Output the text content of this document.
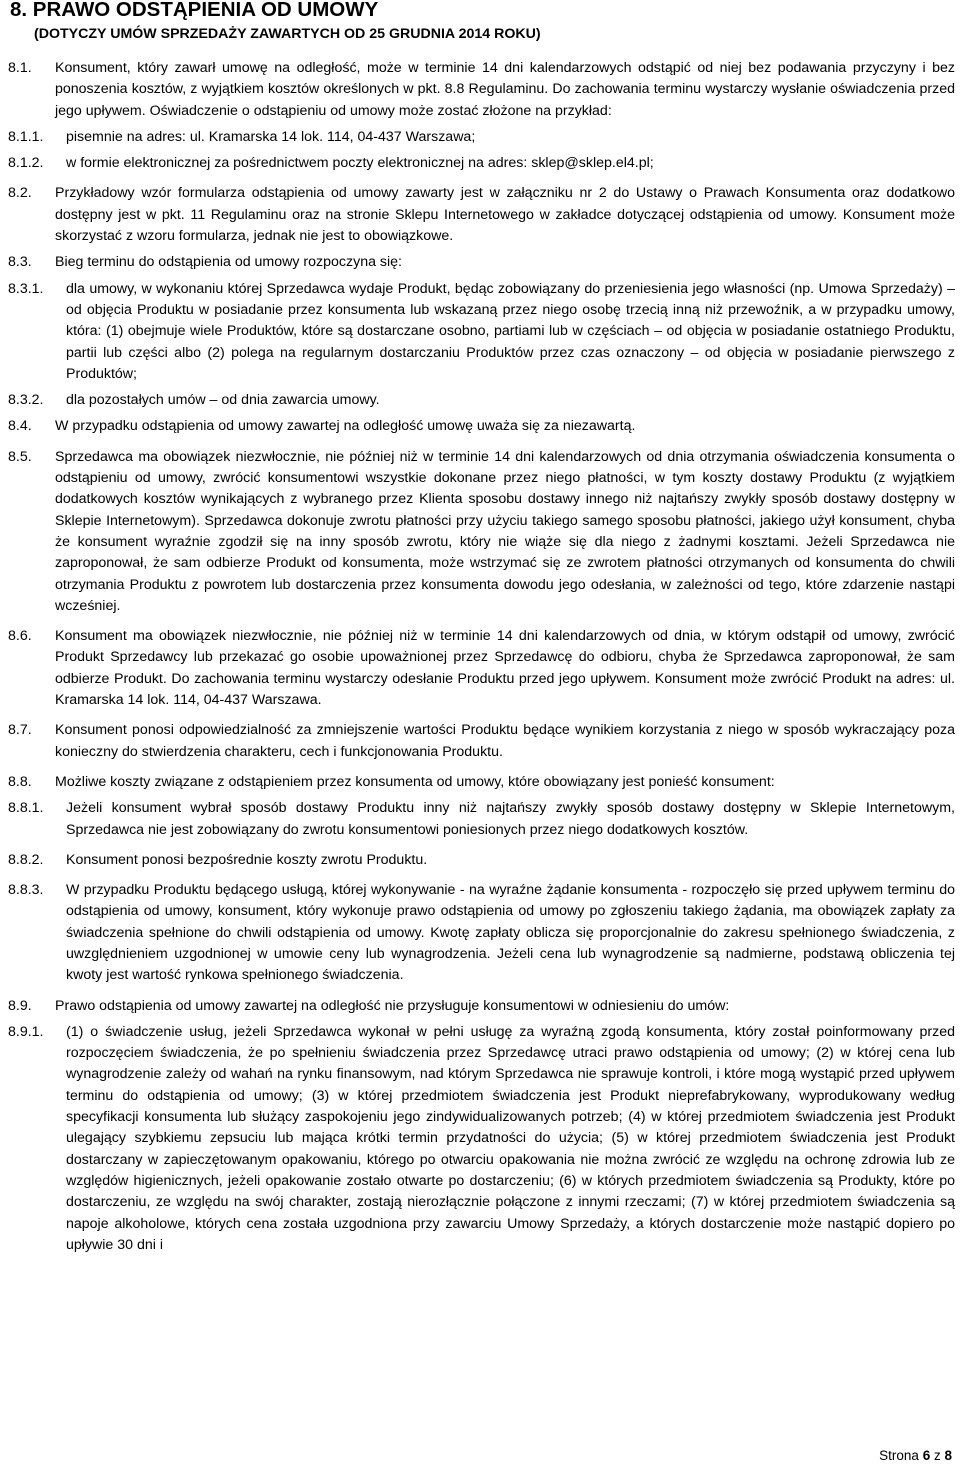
8. PRAWO ODSTĄPIENIA OD UMOWY
(DOTYCZY UMÓW SPRZEDAŻY ZAWARTYCH OD 25 GRUDNIA 2014 ROKU)
8.1.	Konsument, który zawarł umowę na odległość, może w terminie 14 dni kalendarzowych odstąpić od niej bez podawania przyczyny i bez ponoszenia kosztów, z wyjątkiem kosztów określonych w pkt. 8.8 Regulaminu. Do zachowania terminu wystarczy wysłanie oświadczenia przed jego upływem. Oświadczenie o odstąpieniu od umowy może zostać złożone na przykład:
8.1.1.	pisemnie na adres: ul. Kramarska 14 lok. 114, 04-437 Warszawa;
8.1.2.	w formie elektronicznej za pośrednictwem poczty elektronicznej na adres: sklep@sklep.el4.pl;
8.2.	Przykładowy wzór formularza odstąpienia od umowy zawarty jest w załączniku nr 2 do Ustawy o Prawach Konsumenta oraz dodatkowo dostępny jest w pkt. 11 Regulaminu oraz na stronie Sklepu Internetowego w zakładce dotyczącej odstąpienia od umowy. Konsument może skorzystać z wzoru formularza, jednak nie jest to obowiązkowe.
8.3.	Bieg terminu do odstąpienia od umowy rozpoczyna się:
8.3.1.	dla umowy, w wykonaniu której Sprzedawca wydaje Produkt, będąc zobowiązany do przeniesienia jego własności (np. Umowa Sprzedaży) – od objęcia Produktu w posiadanie przez konsumenta lub wskazaną przez niego osobę trzecią inną niż przewoźnik, a w przypadku umowy, która: (1) obejmuje wiele Produktów, które są dostarczane osobno, partiami lub w częściach – od objęcia w posiadanie ostatniego Produktu, partii lub części albo (2) polega na regularnym dostarczaniu Produktów przez czas oznaczony – od objęcia w posiadanie pierwszego z Produktów;
8.3.2.	dla pozostałych umów – od dnia zawarcia umowy.
8.4.	W przypadku odstąpienia od umowy zawartej na odległość umowę uważa się za niezawartą.
8.5.	Sprzedawca ma obowiązek niezwłocznie, nie później niż w terminie 14 dni kalendarzowych od dnia otrzymania oświadczenia konsumenta o odstąpieniu od umowy, zwrócić konsumentowi wszystkie dokonane przez niego płatności, w tym koszty dostawy Produktu (z wyjątkiem dodatkowych kosztów wynikających z wybranego przez Klienta sposobu dostawy innego niż najtańszy zwykły sposób dostawy dostępny w Sklepie Internetowym). Sprzedawca dokonuje zwrotu płatności przy użyciu takiego samego sposobu płatności, jakiego użył konsument, chyba że konsument wyraźnie zgodził się na inny sposób zwrotu, który nie wiąże się dla niego z żadnymi kosztami. Jeżeli Sprzedawca nie zaproponował, że sam odbierze Produkt od konsumenta, może wstrzymać się ze zwrotem płatności otrzymanych od konsumenta do chwili otrzymania Produktu z powrotem lub dostarczenia przez konsumenta dowodu jego odesłania, w zależności od tego, które zdarzenie nastąpi wcześniej.
8.6.	Konsument ma obowiązek niezwłocznie, nie później niż w terminie 14 dni kalendarzowych od dnia, w którym odstąpił od umowy, zwrócić Produkt Sprzedawcy lub przekazać go osobie upoważnionej przez Sprzedawcę do odbioru, chyba że Sprzedawca zaproponował, że sam odbierze Produkt. Do zachowania terminu wystarczy odesłanie Produktu przed jego upływem. Konsument może zwrócić Produkt na adres: ul. Kramarska 14 lok. 114, 04-437 Warszawa.
8.7.	Konsument ponosi odpowiedzialność za zmniejszenie wartości Produktu będące wynikiem korzystania z niego w sposób wykraczający poza konieczny do stwierdzenia charakteru, cech i funkcjonowania Produktu.
8.8.	Możliwe koszty związane z odstąpieniem przez konsumenta od umowy, które obowiązany jest ponieść konsument:
8.8.1.	Jeżeli konsument wybrał sposób dostawy Produktu inny niż najtańszy zwykły sposób dostawy dostępny w Sklepie Internetowym, Sprzedawca nie jest zobowiązany do zwrotu konsumentowi poniesionych przez niego dodatkowych kosztów.
8.8.2.	Konsument ponosi bezpośrednie koszty zwrotu Produktu.
8.8.3.	W przypadku Produktu będącego usługą, której wykonywanie - na wyraźne żądanie konsumenta - rozpoczęło się przed upływem terminu do odstąpienia od umowy, konsument, który wykonuje prawo odstąpienia od umowy po zgłoszeniu takiego żądania, ma obowiązek zapłaty za świadczenia spełnione do chwili odstąpienia od umowy. Kwotę zapłaty oblicza się proporcjonalnie do zakresu spełnionego świadczenia, z uwzględnieniem uzgodnionej w umowie ceny lub wynagrodzenia. Jeżeli cena lub wynagrodzenie są nadmierne, podstawą obliczenia tej kwoty jest wartość rynkowa spełnionego świadczenia.
8.9.	Prawo odstąpienia od umowy zawartej na odległość nie przysługuje konsumentowi w odniesieniu do umów:
8.9.1.	(1) o świadczenie usług, jeżeli Sprzedawca wykonał w pełni usługę za wyraźną zgodą konsumenta, który został poinformowany przed rozpoczęciem świadczenia, że po spełnieniu świadczenia przez Sprzedawcę utraci prawo odstąpienia od umowy; (2) w której cena lub wynagrodzenie zależy od wahań na rynku finansowym, nad którym Sprzedawca nie sprawuje kontroli, i które mogą wystąpić przed upływem terminu do odstąpienia od umowy; (3) w której przedmiotem świadczenia jest Produkt nieprefabrykowany, wyprodukowany według specyfikacji konsumenta lub służący zaspokojeniu jego zindywidualizowanych potrzeb; (4) w której przedmiotem świadczenia jest Produkt ulegający szybkiemu zepsuciu lub mająca krótki termin przydatności do użycia; (5) w której przedmiotem świadczenia jest Produkt dostarczany w zapieczętowanym opakowaniu, którego po otwarciu opakowania nie można zwrócić ze względu na ochronę zdrowia lub ze względów higienicznych, jeżeli opakowanie zostało otwarte po dostarczeniu; (6) w których przedmiotem świadczenia są Produkty, które po dostarczeniu, ze względu na swój charakter, zostają nierozłącznie połączone z innymi rzeczami; (7) w której przedmiotem świadczenia są napoje alkoholowe, których cena została uzgodniona przy zawarciu Umowy Sprzedaży, a których dostarczenie może nastąpić dopiero po upływie 30 dni i
Strona 6 z 8
